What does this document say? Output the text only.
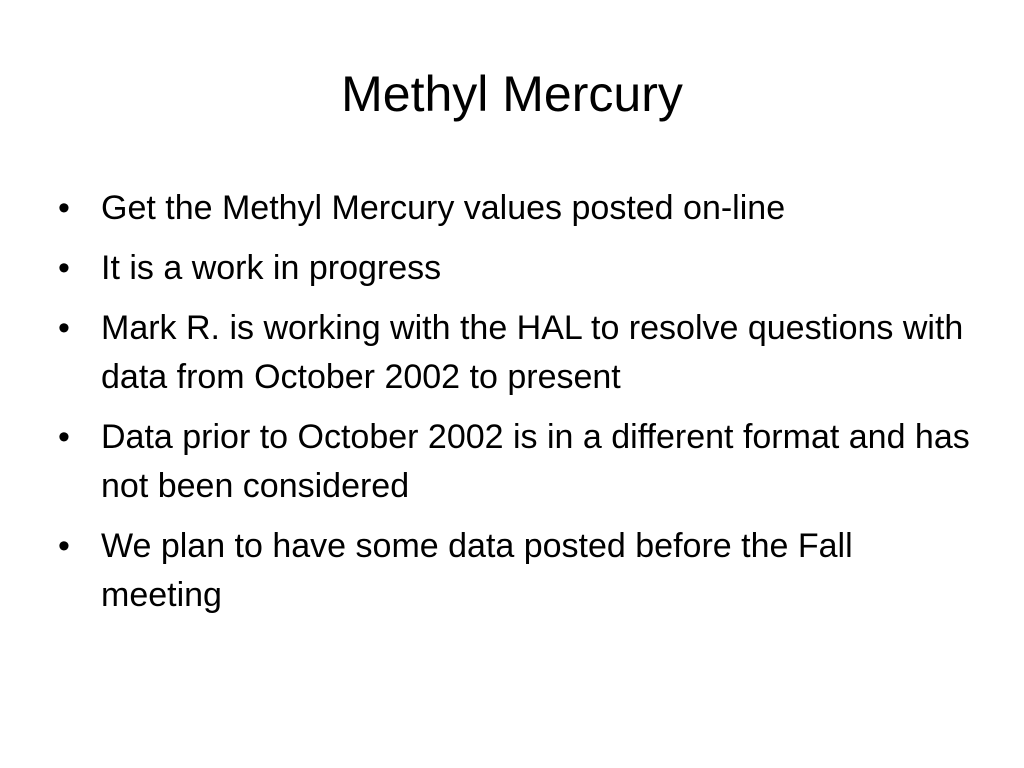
Methyl Mercury
• Get the Methyl Mercury values posted on-line
• It is a work in progress
• Mark R. is working with the HAL to resolve questions with data from October 2002 to present
• Data prior to October 2002 is in a different format and has not been considered
• We plan to have some data posted before the Fall meeting
